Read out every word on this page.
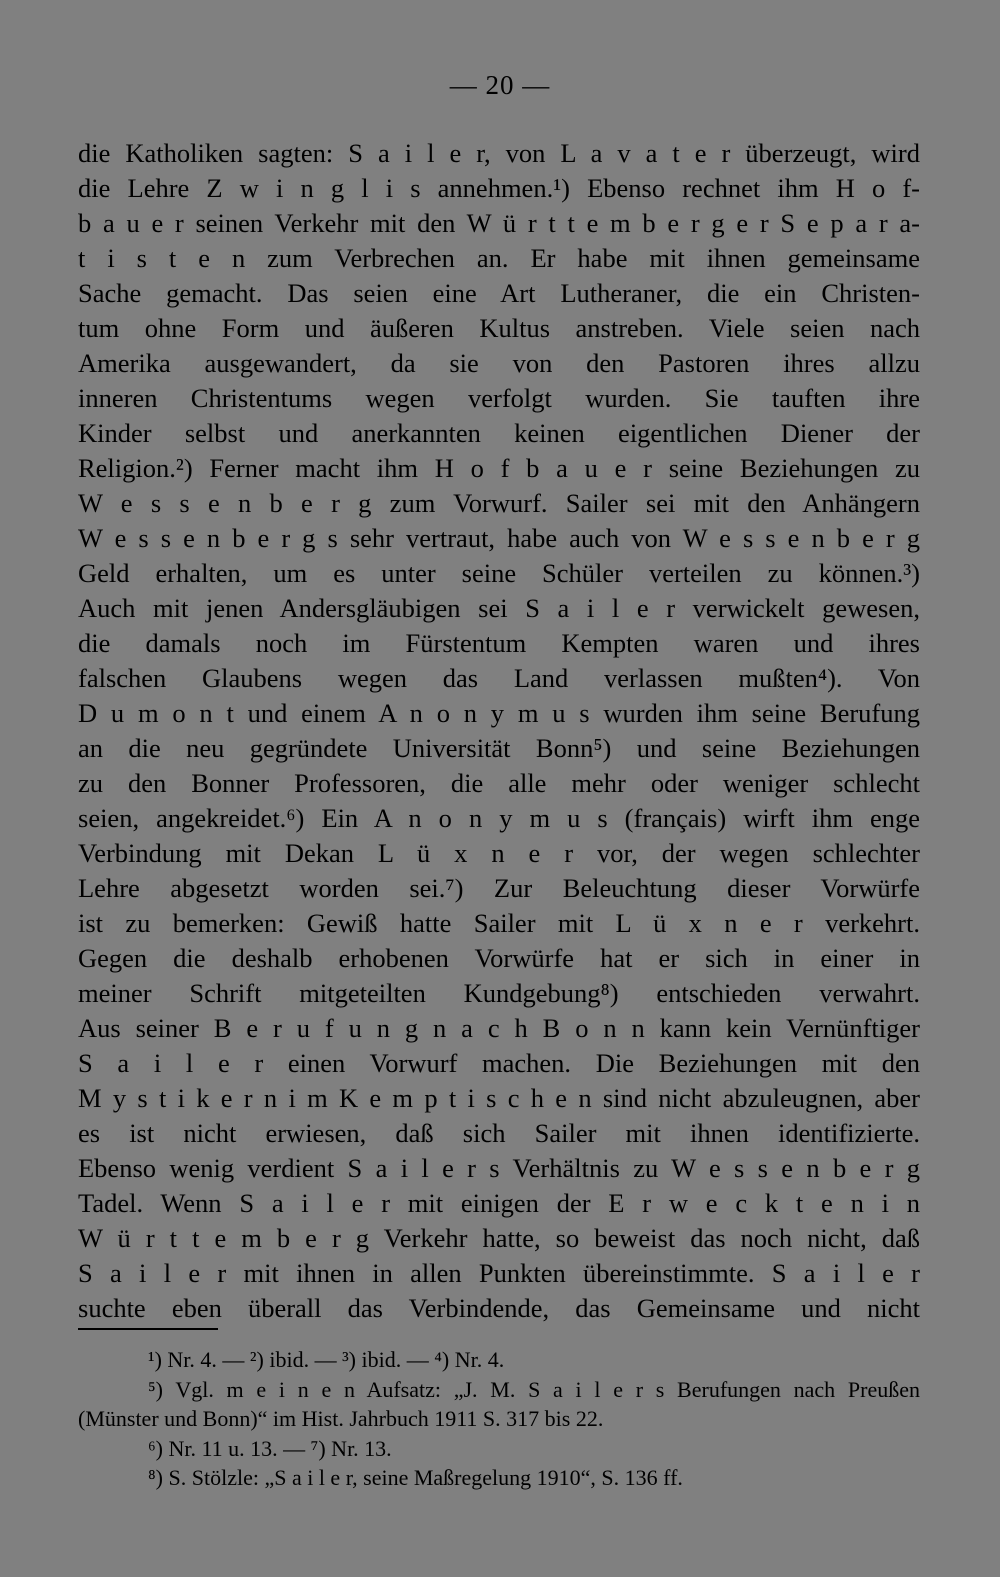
— 20 —
die Katholiken sagten: S a i l e r, von L a v a t e r überzeugt, wird
die Lehre Z w i n g l i s annehmen.¹) Ebenso rechnet ihm H o f-
b a u e r seinen Verkehr mit den W ü r t t e m b e r g e r S e p a r a-
t i s t e n zum Verbrechen an. Er habe mit ihnen gemeinsame
Sache gemacht. Das seien eine Art Lutheraner, die ein Christen-
tum ohne Form und äußeren Kultus anstreben. Viele seien nach
Amerika ausgewandert, da sie von den Pastoren ihres allzu
inneren Christentums wegen verfolgt wurden. Sie tauften ihre
Kinder selbst und anerkannten keinen eigentlichen Diener der
Religion.²) Ferner macht ihm H o f b a u e r seine Beziehungen zu
W e s s e n b e r g zum Vorwurf. Sailer sei mit den Anhängern
W e s s e n b e r g s sehr vertraut, habe auch von W e s s e n b e r g
Geld erhalten, um es unter seine Schüler verteilen zu können.³)
Auch mit jenen Andersgläubigen sei S a i l e r verwickelt gewesen,
die damals noch im Fürstentum Kempten waren und ihres
falschen Glaubens wegen das Land verlassen mußten⁴). Von
D u m o n t und einem A n o n y m u s wurden ihm seine Berufung
an die neu gegründete Universität Bonn⁵) und seine Beziehungen
zu den Bonner Professoren, die alle mehr oder weniger schlecht
seien, angekreidet.⁶) Ein A n o n y m u s (français) wirft ihm enge
Verbindung mit Dekan L ü x n e r vor, der wegen schlechter
Lehre abgesetzt worden sei.⁷) Zur Beleuchtung dieser Vorwürfe
ist zu bemerken: Gewiß hatte Sailer mit L ü x n e r verkehrt.
Gegen die deshalb erhobenen Vorwürfe hat er sich in einer in
meiner Schrift mitgeteilten Kundgebung⁸) entschieden verwahrt.
Aus seiner B e r u f u n g n a c h B o n n kann kein Vernünftiger
S a i l e r einen Vorwurf machen. Die Beziehungen mit den
M y s t i k e r n i m K e m p t i s c h e n sind nicht abzuleugnen, aber
es ist nicht erwiesen, daß sich Sailer mit ihnen identifizierte.
Ebenso wenig verdient S a i l e r s Verhältnis zu W e s s e n b e r g
Tadel. Wenn S a i l e r mit einigen der E r w e c k t e n i n
W ü r t t e m b e r g Verkehr hatte, so beweist das noch nicht, daß
S a i l e r mit ihnen in allen Punkten übereinstimmte. S a i l e r
suchte eben überall das Verbindende, das Gemeinsame und nicht
¹) Nr. 4. — ²) ibid. — ³) ibid. — ⁴) Nr. 4.
⁵) Vgl. m e i n e n Aufsatz: „J. M. S a i l e r s Berufungen nach Preußen
(Münster und Bonn)“ im Hist. Jahrbuch 1911 S. 317 bis 22.
⁶) Nr. 11 u. 13. — ⁷) Nr. 13.
⁸) S. Stölzle: „S a i l e r, seine Maßregelung 1910“, S. 136 ff.
